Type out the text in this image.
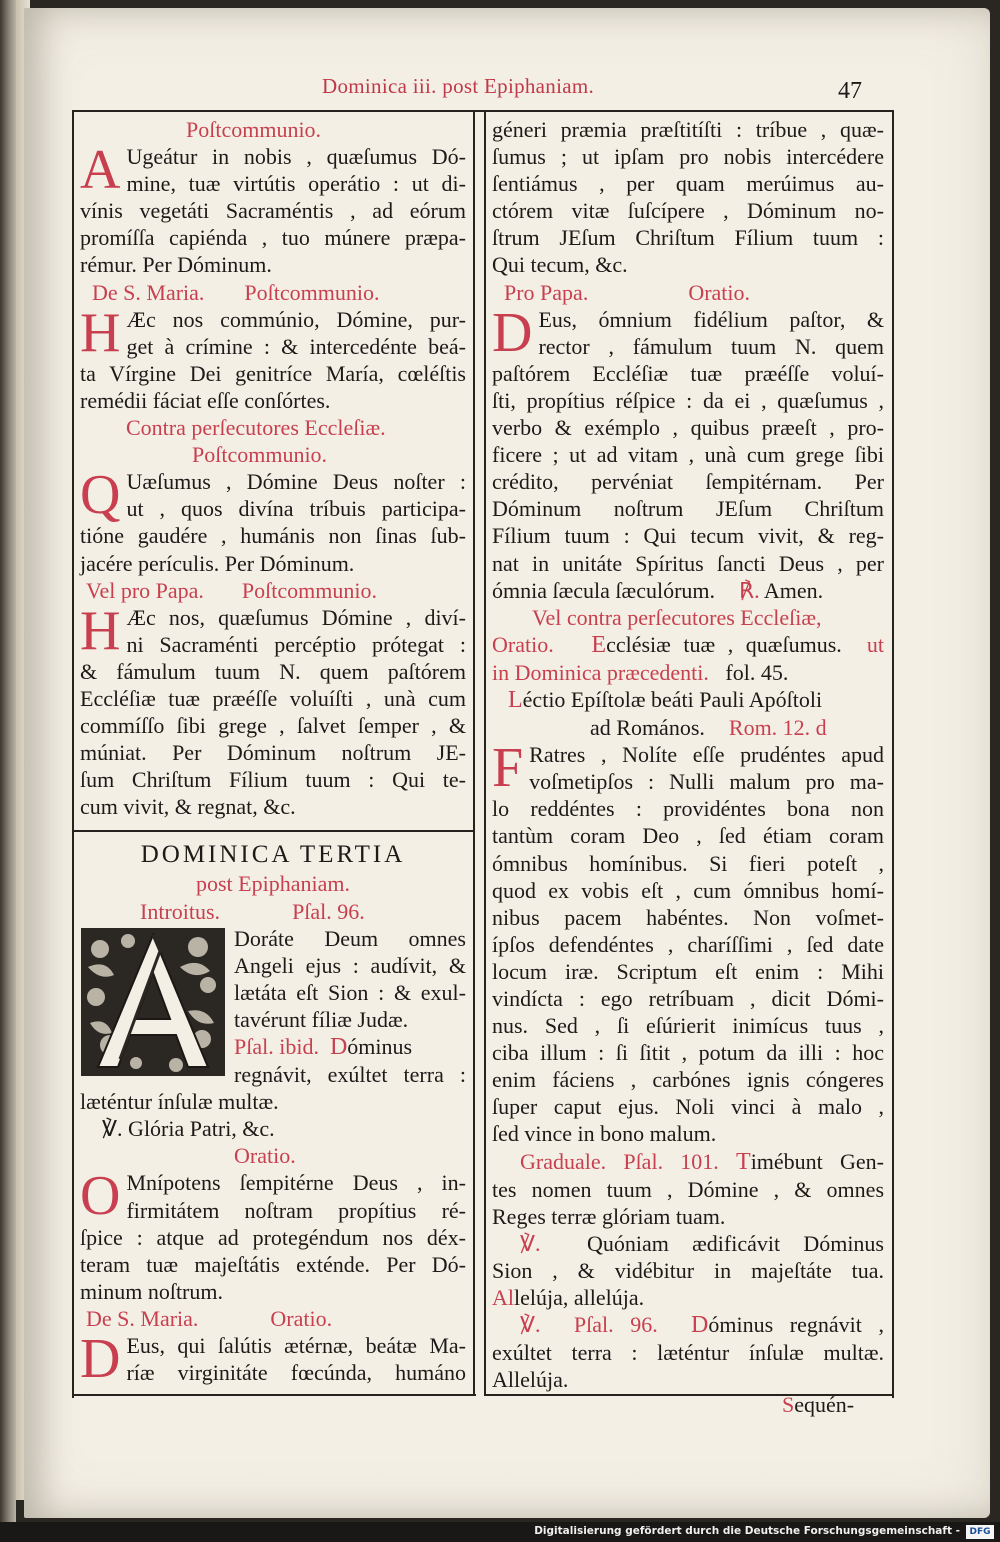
Dominica iii. post Epiphaniam.	47
Poſtcommunio.
A Ugeátur in nobis , quæſumus Dó-
mine, tuæ virtútis operátio : ut di-
vínis vegetáti Sacraméntis , ad eórum
promíſſa capiénda , tuo múnere præpa-
rémur. Per Dóminum.
De S. Maria. Poſtcommunio.
H Æc nos commúnio, Dómine, pur-
get à crímine : & intercedénte beá-
ta Vírgine Dei genitríce María, cœléſtis
remédii fáciat eſſe conſórtes.
Contra perſecutores Eccleſiæ.
Poſtcommunio.
Q Uæſumus , Dómine Deus noſter :
ut , quos divína tríbuis participa-
tióne gaudére , humánis non ſinas ſub-
jacére perículis. Per Dóminum.
Vel pro Papa. Poſtcommunio.
H Æc nos, quæſumus Dómine , diví-
ni Sacraménti percéptio prótegat :
& fámulum tuum N. quem paſtórem
Eccléſiæ tuæ præéſſe voluíſti , unà cum
commíſſo ſibi grege , ſalvet ſemper , &
múniat. Per Dóminum noſtrum JE-
ſum Chriſtum Fílium tuum : Qui te-
cum vivit, & regnat, &c.
DOMINICA TERTIA
post Epiphaniam.
Introitus.	Pſal. 96.
Doráte Deum omnes
Angeli ejus : audívit, &
lætáta eſt Sion : & exul-
tavérunt fíliæ Judæ.
Pſal. ibid. Dóminus
regnávit, exúltet terra :
læténtur ínſulæ multæ.
℣. Glória Patri, &c.
Oratio.
O Mnípotens ſempitérne Deus , in-
firmitátem noſtram propítius ré-
ſpice : atque ad protegéndum nos déx-
teram tuæ majeſtátis exténde. Per Dó-
minum noſtrum.
De S. Maria.	Oratio.
D Eus, qui ſalútis ætérnæ, beátæ Ma-
ríæ virginitáte fœcúnda, humáno
géneri præmia præſtitíſti : tríbue , quæ-
ſumus ; ut ipſam pro nobis intercédere
ſentiámus , per quam merúimus au-
ctórem vitæ ſuſcípere , Dóminum no-
ſtrum JEſum Chriſtum Fílium tuum :
Qui tecum, &c.
Pro Papa.	Oratio.
D Eus, ómnium fidélium paſtor, &
rector , fámulum tuum N. quem
paſtórem Eccléſiæ tuæ præéſſe voluí-
ſti, propítius réſpice : da ei , quæſumus ,
verbo & exémplo , quibus præeſt , pro-
ficere ; ut ad vitam , unà cum grege ſibi
crédito, pervéniat ſempitérnam. Per
Dóminum noſtrum JEſum Chriſtum
Fílium tuum : Qui tecum vivit, & reg-
nat in unitáte Spíritus ſancti Deus , per
ómnia ſæcula ſæculórum. ℟. Amen.
Vel contra perſecutores Eccleſiæ,
Oratio. Ecclésiæ tuæ , quæſumus. ut
in Dominica præcedenti. fol. 45.
Léctio Epíſtolæ beáti Pauli Apóſtoli
ad Romános. Rom. 12. d
F Ratres , Nolíte eſſe prudéntes apud
voſmetipſos : Nulli malum pro ma-
lo reddéntes : providéntes bona non
tantùm coram Deo , ſed étiam coram
ómnibus homínibus. Si fieri poteſt ,
quod ex vobis eſt , cum ómnibus homí-
nibus pacem habéntes. Non voſmet-
ípſos defendéntes , charíſſimi , ſed date
locum iræ. Scriptum eſt enim : Mihi
vindícta : ego retríbuam , dicit Dómi-
nus. Sed , ſi eſúrierit inimícus tuus ,
ciba illum : ſi ſitit , potum da illi : hoc
enim fáciens , carbónes ignis cóngeres
ſuper caput ejus. Noli vinci à malo ,
ſed vince in bono malum.
Graduale. Pſal. 101. Timébunt Gen-
tes nomen tuum , Dómine , & omnes
Reges terræ glóriam tuam.
℣. Quóniam ædificávit Dóminus
Sion , & vidébitur in majeſtáte tua.
Allelúja, allelúja.
℣. Pſal. 96. Dóminus regnávit ,
exúltet terra : læténtur ínſulæ multæ.
Allelúja.
Sequén-
Digitalisierung gefördert durch die Deutsche Forschungsgemeinschaft -	DFG
